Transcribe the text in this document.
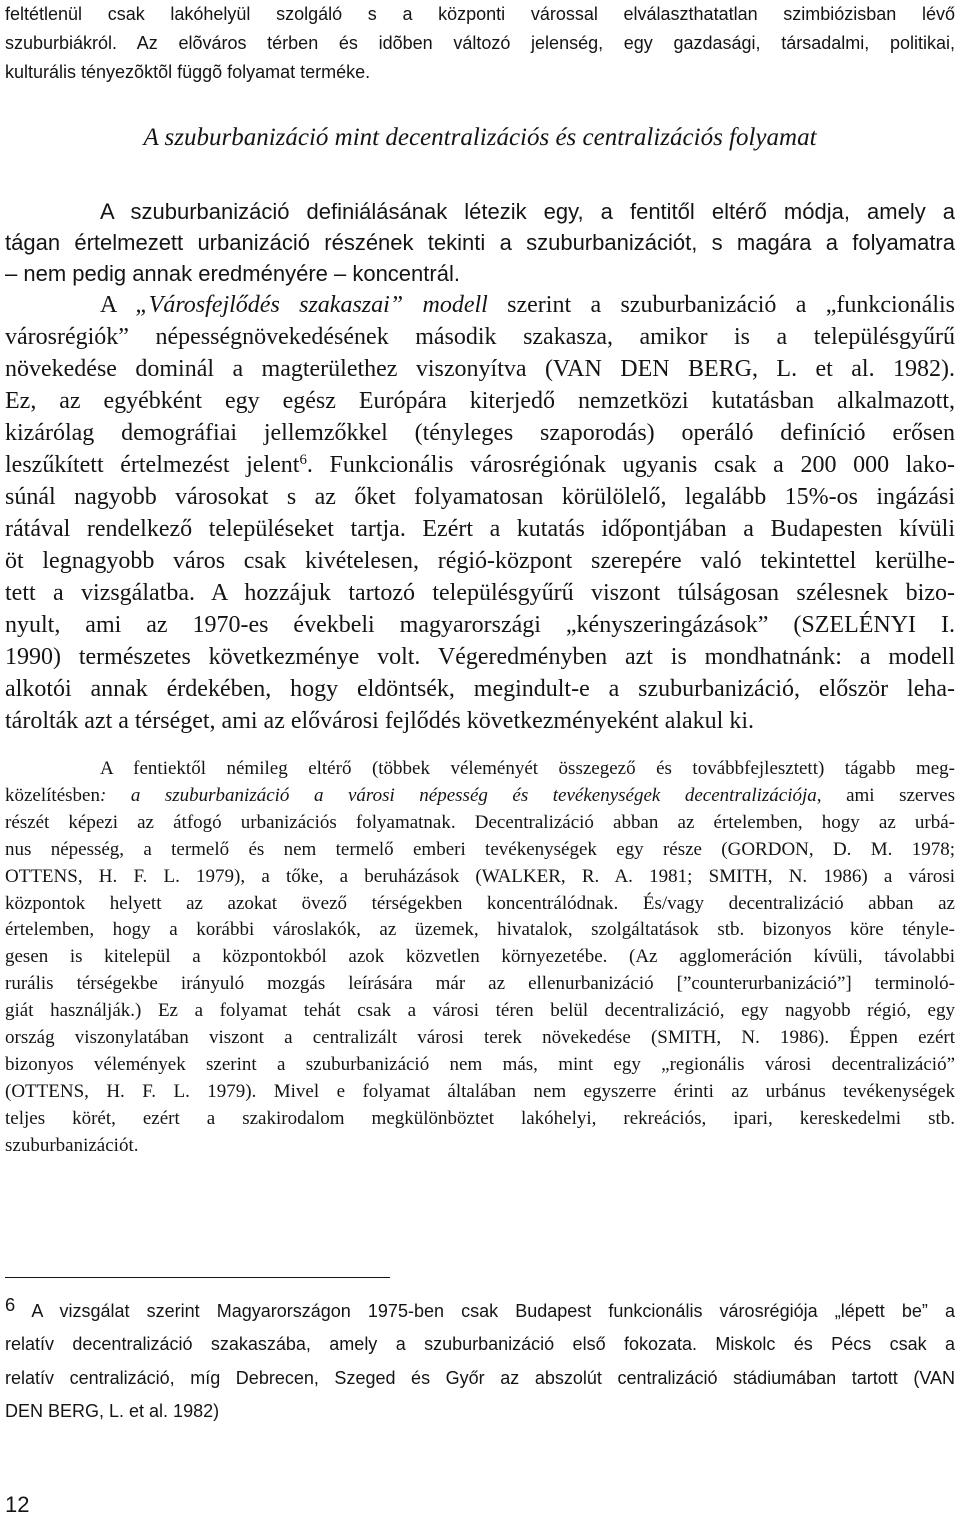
feltétlenül csak lakóhelyül szolgáló s a központi várossal elválaszthatatlan szimbiózisban lévő
szuburbiákról. Az elõváros térben és idõben változó jelenség, egy gazdasági, társadalmi, politikai,
kulturális tényezõktõl függõ folyamat terméke.
A szuburbanizáció mint decentralizációs és centralizációs folyamat
A szuburbanizáció definiálásának létezik egy, a fentitől eltérő módja, amely a
tágan értelmezett urbanizáció részének tekinti a szuburbanizációt, s magára a folyamatra
– nem pedig annak eredményére – koncentrál.
A „Városfejlődés szakaszai” modell szerint a szuburbanizáció a „funkcionális
városrégiók” népességnövekedésének második szakasza, amikor is a településgyűrű
növekedése dominál a magterülethez viszonyítva (VAN DEN BERG, L. et al. 1982).
Ez, az egyébként egy egész Európára kiterjedő nemzetközi kutatásban alkalmazott,
kizárólag demográfiai jellemzőkkel (tényleges szaporodás) operáló definíció erősen
leszűkített értelmezést jelent$^6$. Funkcionális városrégiónak ugyanis csak a 200 000 lako-
súnál nagyobb városokat s az őket folyamatosan körülölelő, legalább 15%-os ingázási
rátával rendelkező településeket tartja. Ezért a kutatás időpontjában a Budapesten kívüli
öt legnagyobb város csak kivételesen, régió-központ szerepére való tekintettel kerülhe-
tett a vizsgálatba. A hozzájuk tartozó településgyűrű viszont túlságosan szélesnek bizo-
nyult, ami az 1970-es évekbeli magyarországi „kényszeringázások” (SZELÉNYI I.
1990) természetes következménye volt. Végeredményben azt is mondhatnánk: a modell
alkotói annak érdekében, hogy eldöntsék, megindult-e a szuburbanizáció, először leha-
tárolták azt a térséget, ami az elővárosi fejlődés következményeként alakul ki.
A fentiektől némileg eltérő (többek véleményét összegező és továbbfejlesztett) tágabb meg-
közelítésben: a szuburbanizáció a városi népesség és tevékenységek decentralizációja, ami szerves
részét képezi az átfogó urbanizációs folyamatnak. Decentralizáció abban az értelemben, hogy az urbá-
nus népesség, a termelő és nem termelő emberi tevékenységek egy része (GORDON, D. M. 1978;
OTTENS, H. F. L. 1979), a tőke, a beruházások (WALKER, R. A. 1981; SMITH, N. 1986) a városi
központok helyett az azokat övező térségekben koncentrálódnak. És/vagy decentralizáció abban az
értelemben, hogy a korábbi városlakók, az üzemek, hivatalok, szolgáltatások stb. bizonyos köre tényle-
gesen is kitelepül a központokból azok közvetlen környezetébe. (Az agglomeráción kívüli, távolabbi
rurális térségekbe irányuló mozgás leírására már az ellenurbanizáció [”counterurbanizáció”] terminoló-
giát használják.) Ez a folyamat tehát csak a városi téren belül decentralizáció, egy nagyobb régió, egy
ország viszonylatában viszont a centralizált városi terek növekedése (SMITH, N. 1986). Éppen ezért
bizonyos vélemények szerint a szuburbanizáció nem más, mint egy „regionális városi decentralizáció”
(OTTENS, H. F. L. 1979). Mivel e folyamat általában nem egyszerre érinti az urbánus tevékenységek
teljes körét, ezért a szakirodalom megkülönböztet lakóhelyi, rekreációs, ipari, kereskedelmi stb.
szuburbanizációt.
6 A vizsgálat szerint Magyarországon 1975-ben csak Budapest funkcionális városrégiója „lépett be” a
relatív decentralizáció szakaszába, amely a szuburbanizáció első fokozata. Miskolc és Pécs csak a
relatív centralizáció, míg Debrecen, Szeged és Győr az abszolút centralizáció stádiumában tartott (VAN
DEN BERG, L. et al. 1982)
12
